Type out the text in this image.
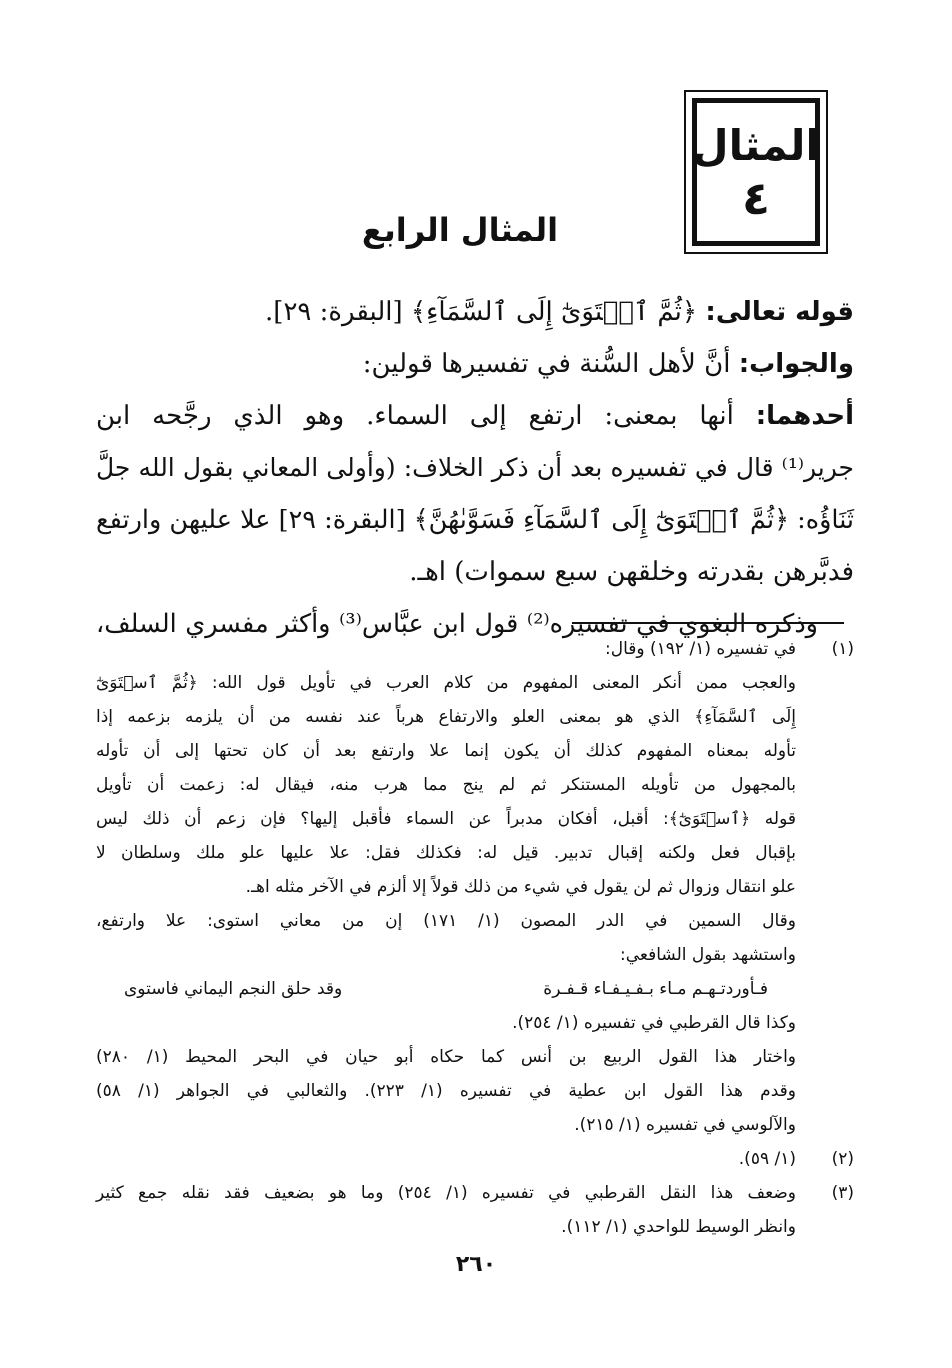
المثال
٤
المثال الرابع
قوله تعالى: ﴿ثُمَّ ٱسۡتَوَىٰٓ إِلَى ٱلسَّمَآءِ﴾ [البقرة: ٢٩].
والجواب: أنَّ لأهل السُّنة في تفسيرها قولين:
أحدهما: أنها بمعنى: ارتفع إلى السماء. وهو الذي رجَّحه ابن
جرير⁽¹⁾ قال في تفسيره بعد أن ذكر الخلاف: (وأولى المعاني بقول الله جلَّ
ثَنَاؤُه: ﴿ثُمَّ ٱسۡتَوَىٰٓ إِلَى ٱلسَّمَآءِ فَسَوَّىٰهُنَّ﴾ [البقرة: ٢٩] علا عليهن وارتفع
فدبَّرهن بقدرته وخلقهن سبع سموات) اهـ.
وذكره البغوي في تفسيره⁽²⁾ قول ابن عبَّاس⁽³⁾ وأكثر مفسري السلف،
(١)
في تفسيره (١/ ١٩٢) وقال:
والعجب ممن أنكر المعنى المفهوم من كلام العرب في تأويل قول الله: ﴿ثُمَّ ٱسۡتَوَىٰٓ
إِلَى ٱلسَّمَآءِ﴾ الذي هو بمعنى العلو والارتفاع هرباً عند نفسه من أن يلزمه بزعمه إذا
تأوله بمعناه المفهوم كذلك أن يكون إنما علا وارتفع بعد أن كان تحتها إلى أن تأوله
بالمجهول من تأويله المستنكر ثم لم ينج مما هرب منه، فيقال له: زعمت أن تأويل
قوله ﴿ٱسۡتَوَىٰٓ﴾: أقبل، أفكان مدبراً عن السماء فأقبل إليها؟ فإن زعم أن ذلك ليس
بإقبال فعل ولكنه إقبال تدبير. قيل له: فكذلك فقل: علا عليها علو ملك وسلطان لا
علو انتقال وزوال ثم لن يقول في شيء من ذلك قولاً إلا ألزم في الآخر مثله اهـ.
وقال السمين في الدر المصون (١/ ١٧١) إن من معاني استوى: علا وارتفع،
واستشهد بقول الشافعي:
فـأوردتـهـم مـاء بـفـيـفـاء قـفـرة
وقد حلق النجم اليماني فاستوى
وكذا قال القرطبي في تفسيره (١/ ٢٥٤).
واختار هذا القول الربيع بن أنس كما حكاه أبو حيان في البحر المحيط (١/ ٢٨٠)
وقدم هذا القول ابن عطية في تفسيره (١/ ٢٢٣). والثعالبي في الجواهر (١/ ٥٨)
والآلوسي في تفسيره (١/ ٢١٥).
(٢)
(١/ ٥٩).
(٣)
وضعف هذا النقل القرطبي في تفسيره (١/ ٢٥٤) وما هو بضعيف فقد نقله جمع كثير
وانظر الوسيط للواحدي (١/ ١١٢).
٢٦٠
